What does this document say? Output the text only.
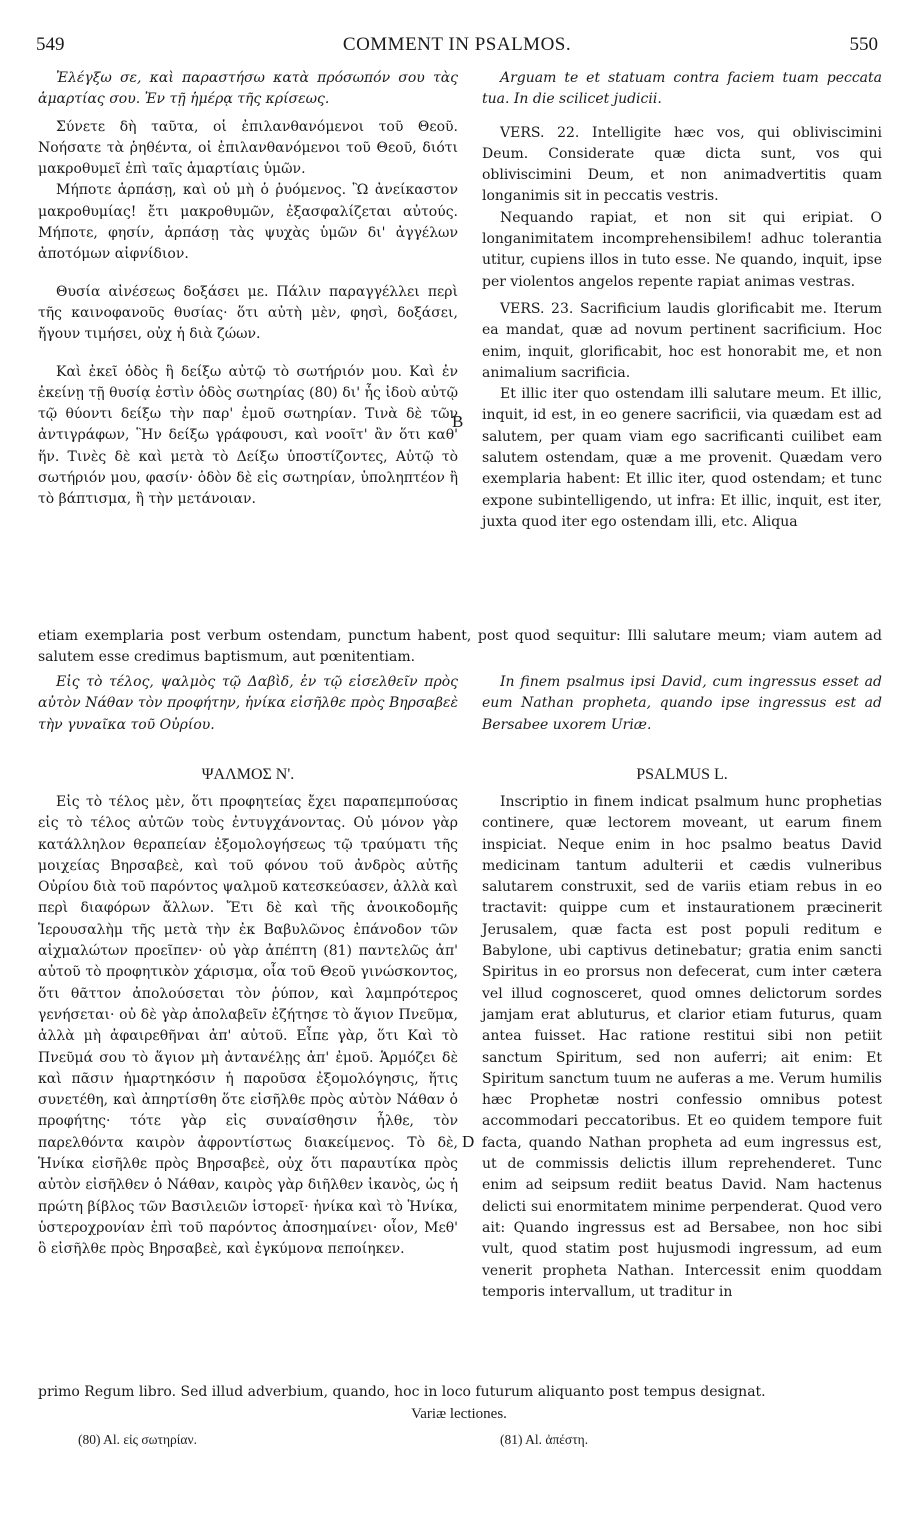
549	COMMENT IN PSALMOS.	550

Ἐλέγξω σε, καὶ παραστήσω κατὰ πρόσωπόν σου τὰς ἁμαρτίας σου. Ἐν τῇ ἡμέρᾳ τῆς κρίσεως.

Σύνετε δὴ ταῦτα, οἱ ἐπιλανθανόμενοι τοῦ Θεοῦ. Νοήσατε τὰ ῥηθέντα, οἱ ἐπιλανθανόμενοι τοῦ Θεοῦ, διότι μακροθυμεῖ ἐπὶ ταῖς ἁμαρτίαις ὑμῶν.

Μήποτε ἁρπάσῃ, καὶ οὐ μὴ ὁ ῥυόμενος. Ὢ ἀνείκαστον μακροθυμίας! ἔτι μακροθυμῶν, ἐξασφαλίζεται αὐτούς. Μήποτε, φησίν, ἁρπάσῃ τὰς ψυχὰς ὑμῶν δι' ἀγγέλων ἀποτόμων αἰφνίδιον.

Θυσία αἰνέσεως δοξάσει με. Πάλιν παραγγέλλει περὶ τῆς καινοφανοῦς θυσίας· ὅτι αὐτὴ μὲν, φησὶ, δοξάσει, ἤγουν τιμήσει, οὐχ ἡ διὰ ζώων.

Καὶ ἐκεῖ ὁδὸς ἣ δείξω αὐτῷ τὸ σωτήριόν μου. Καὶ ἐν ἐκείνῃ τῇ θυσίᾳ ἐστὶν ὁδὸς σωτηρίας (80) δι' ἧς ἰδοὺ αὐτῷ τῷ θύοντι δείξω τὴν παρ' ἐμοῦ σωτηρίαν. Τινὰ δὲ τῶν ἀντιγράφων, Ἣν δείξω γράφουσι, καὶ νοοῖτ' ἂν ὅτι καθ' ἥν. Τινὲς δὲ καὶ μετὰ τὸ Δείξω ὑποστίζοντες, Αὐτῷ τὸ σωτήριόν μου, φασίν· ὁδὸν δὲ εἰς σωτηρίαν, ὑποληπτέον ἢ τὸ βάπτισμα, ἢ τὴν μετάνοιαν.

Arguam te et statuam contra faciem tuam peccata tua. In die scilicet judicii.

VERS. 22. Intelligite hæc vos, qui obliviscimini Deum. Considerate quæ dicta sunt, vos qui obliviscimini Deum, et non animadvertitis quam longanimis sit in peccatis vestris.

Nequando rapiat, et non sit qui eripiat. O longanimitatem incomprehensibilem! adhuc tolerantia utitur, cupiens illos in tuto esse. Ne quando, inquit, ipse per violentos angelos repente rapiat animas vestras.

VERS. 23. Sacrificium laudis glorificabit me. Iterum ea mandat, quæ ad novum pertinent sacrificium. Hoc enim, inquit, glorificabit, hoc est honorabit me, et non animalium sacrificia.

Et illic iter quo ostendam illi salutare meum. Et illic, inquit, id est, in eo genere sacrificii, via quædam est ad salutem, per quam viam ego sacrificanti cuilibet eam salutem ostendam, quæ a me provenit. Quædam vero exemplaria habent: Et illic iter, quod ostendam; et tunc expone subintelligendo, ut infra: Et illic, inquit, est iter, juxta quod iter ego ostendam illi, etc. Aliqua

B

etiam exemplaria post verbum ostendam, punctum habent, post quod sequitur: Illi salutare meum; viam autem ad salutem esse credimus baptismum, aut pœnitentiam.

Εἰς τὸ τέλος, ψαλμὸς τῷ Δαβὶδ, ἐν τῷ εἰσελθεῖν πρὸς αὐτὸν Νάθαν τὸν προφήτην, ἡνίκα εἰσῆλθε πρὸς Βηρσαβεὲ τὴν γυναῖκα τοῦ Οὐρίου.

In finem psalmus ipsi David, cum ingressus esset ad eum Nathan propheta, quando ipse ingressus est ad Bersabee uxorem Uriæ.

ΨΑΛΜΟΣ Ν'.	PSALMUS L.

Εἰς τὸ τέλος μὲν, ὅτι προφητείας ἔχει παραπεμπούσας εἰς τὸ τέλος αὐτῶν τοὺς ἐντυγχάνοντας. Οὐ μόνον γὰρ κατάλληλον θεραπείαν ἐξομολογήσεως τῷ τραύματι τῆς μοιχείας Βηρσαβεὲ, καὶ τοῦ φόνου τοῦ ἀνδρὸς αὐτῆς Οὐρίου διὰ τοῦ παρόντος ψαλμοῦ κατεσκεύασεν, ἀλλὰ καὶ περὶ διαφόρων ἄλλων. Ἔτι δὲ καὶ τῆς ἀνοικοδομῆς Ἱερουσαλὴμ τῆς μετὰ τὴν ἐκ Βαβυλῶνος ἐπάνοδον τῶν αἰχμαλώτων προεῖπεν· οὐ γὰρ ἀπέπτη (81) παντελῶς ἀπ' αὐτοῦ τὸ προφητικὸν χάρισμα, οἷα τοῦ Θεοῦ γινώσκοντος, ὅτι θᾶττον ἀπολούσεται τὸν ῥύπον, καὶ λαμπρότερος γενήσεται· οὐ δὲ γὰρ ἀπολαβεῖν ἐζήτησε τὸ ἅγιον Πνεῦμα, ἀλλὰ μὴ ἀφαιρεθῆναι ἀπ' αὐτοῦ. Εἶπε γὰρ, ὅτι Καὶ τὸ Πνεῦμά σου τὸ ἅγιον μὴ ἀντανέλῃς ἀπ' ἐμοῦ. Ἁρμόζει δὲ καὶ πᾶσιν ἡμαρτηκόσιν ἡ παροῦσα ἐξομολόγησις, ἥτις συνετέθη, καὶ ἀπηρτίσθη ὅτε εἰσῆλθε πρὸς αὐτὸν Νάθαν ὁ προφήτης· τότε γὰρ εἰς συναίσθησιν ἦλθε, τὸν παρελθόντα καιρὸν ἀφροντίστως διακείμενος. Τὸ δὲ, Ἡνίκα εἰσῆλθε πρὸς Βηρσαβεὲ, οὐχ ὅτι παραυτίκα πρὸς αὐτὸν εἰσῆλθεν ὁ Νάθαν, καιρὸς γὰρ διῆλθεν ἱκανὸς, ὡς ἡ πρώτη βίβλος τῶν Βασιλειῶν ἱστορεῖ· ἡνίκα καὶ τὸ Ἡνίκα, ὑστεροχρονίαν ἐπὶ τοῦ παρόντος ἀποσημαίνει· οἷον, Μεθ' ὃ εἰσῆλθε πρὸς Βηρσαβεὲ, καὶ ἐγκύμονα πεποίηκεν.

Inscriptio in finem indicat psalmum hunc prophetias continere, quæ lectorem moveant, ut earum finem inspiciat. Neque enim in hoc psalmo beatus David medicinam tantum adulterii et cædis vulneribus salutarem construxit, sed de variis etiam rebus in eo tractavit: quippe cum et instaurationem præcinerit Jerusalem, quæ facta est post populi reditum e Babylone, ubi captivus detinebatur; gratia enim sancti Spiritus in eo prorsus non defecerat, cum inter cætera vel illud cognosceret, quod omnes delictorum sordes jamjam erat abluturus, et clarior etiam futurus, quam antea fuisset. Hac ratione restitui sibi non petiit sanctum Spiritum, sed non auferri; ait enim: Et Spiritum sanctum tuum ne auferas a me. Verum humilis hæc Prophetæ nostri confessio omnibus potest accommodari peccatoribus. Et eo quidem tempore fuit facta, quando Nathan propheta ad eum ingressus est, ut de commissis delictis illum reprehenderet. Tunc enim ad seipsum rediit beatus David. Nam hactenus delicti sui enormitatem minime perpenderat. Quod vero ait: Quando ingressus est ad Bersabee, non hoc sibi vult, quod statim post hujusmodi ingressum, ad eum venerit propheta Nathan. Intercessit enim quoddam temporis intervallum, ut traditur in

D

primo Regum libro. Sed illud adverbium, quando, hoc in loco futurum aliquanto post tempus designat.

Variæ lectiones.
(80) Al. εἰς σωτηρίαν.	(81) Al. ἀπέστη.
